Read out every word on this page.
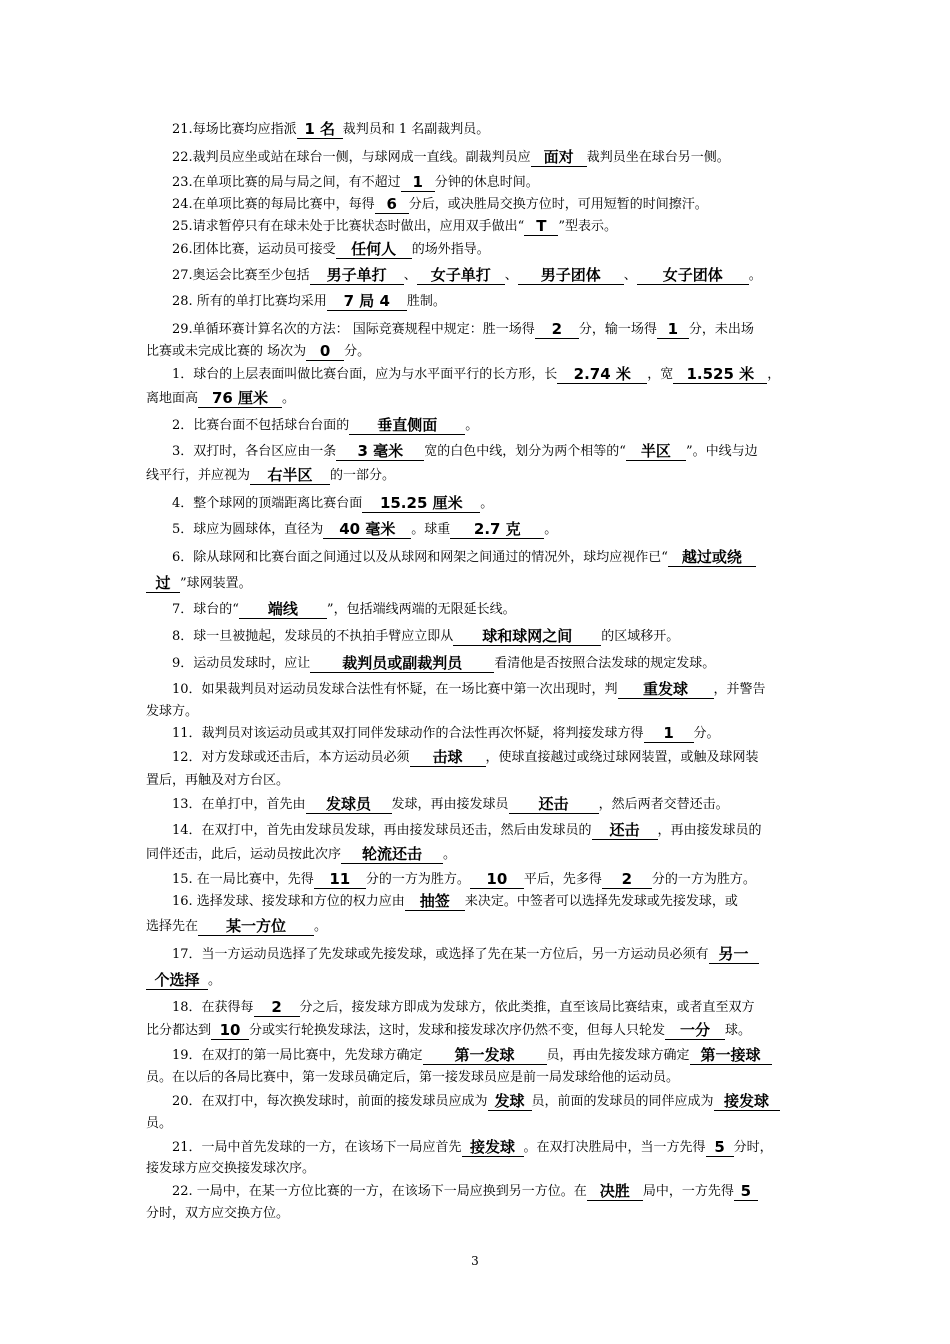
21.每场比赛均应指派 1 名 裁判员和 1 名副裁判员。
22.裁判员应坐或站在球台一侧，与球网成一直线。副裁判员应 面对 裁判员坐在球台另一侧。
23.在单项比赛的局与局之间，有不超过 1 分钟的休息时间。
24.在单项比赛的每局比赛中，每得 6 分后，或决胜局交换方位时，可用短暂的时间擦汗。
25.请求暂停只有在球未处于比赛状态时做出，应用双手做出“ T ”型表示。
26.团体比赛，运动员可接受 任何人 的场外指导。
27.奥运会比赛至少包括 男子单打 、 女子单打 、 男子团体 、 女子团体 。
28. 所有的单打比赛均采用 7 局 4 胜制。
29.单循环赛计算名次的方法： 国际竞赛规程中规定：胜一场得 2 分，输一场得 1 分，未出场
比赛或未完成比赛的 场次为 0 分。
1．球台的上层表面叫做比赛台面，应为与水平面平行的长方形，长 2.74 米 ，宽 1.525 米 ，
离地面高 76 厘米 。
2．比赛台面不包括球台台面的 垂直侧面 。
3．双打时，各台区应由一条 3 毫米 宽的白色中线，划分为两个相等的“ 半区 ”。中线与边
线平行，并应视为 右半区 的一部分。
4．整个球网的顶端距离比赛台面 15.25 厘米 。
5．球应为圆球体，直径为 40 毫米 。球重 2.7 克 。
6．除从球网和比赛台面之间通过以及从球网和网架之间通过的情况外，球均应视作已“ 越过或绕
过 ”球网装置。
7．球台的“ 端线 ”，包括端线两端的无限延长线。
8．球一旦被抛起，发球员的不执拍手臂应立即从 球和球网之间 的区域移开。
9．运动员发球时，应让 裁判员或副裁判员 看清他是否按照合法发球的规定发球。
10．如果裁判员对运动员发球合法性有怀疑，在一场比赛中第一次出现时，判 重发球 ，并警告
发球方。
11．裁判员对该运动员或其双打同伴发球动作的合法性再次怀疑，将判接发球方得 1 分。
12．对方发球或还击后，本方运动员必须 击球 ，使球直接越过或绕过球网装置，或触及球网装
置后，再触及对方台区。
13．在单打中，首先由 发球员 发球，再由接发球员 还击 ，然后两者交替还击。
14．在双打中，首先由发球员发球，再由接发球员还击，然后由发球员的 还击 ，再由接发球员的
同伴还击，此后，运动员按此次序 轮流还击 。
15. 在一局比赛中，先得 11 分的一方为胜方。 10 平后，先多得 2 分的一方为胜方。
16. 选择发球、接发球和方位的权力应由 抽签 来决定。中签者可以选择先发球或先接发球，或
选择先在 某一方位 。
17．当一方运动员选择了先发球或先接发球，或选择了先在某一方位后，另一方运动员必须有 另一
个选择 。
18．在获得每 2 分之后，接发球方即成为发球方，依此类推，直至该局比赛结束，或者直至双方
比分都达到 10 分或实行轮换发球法，这时，发球和接发球次序仍然不变，但每人只轮发 一分 球。
19．在双打的第一局比赛中，先发球方确定 第一发球 员，再由先接发球方确定 第一接球
员。在以后的各局比赛中，第一发球员确定后，第一接发球员应是前一局发球给他的运动员。
20．在双打中，每次换发球时，前面的接发球员应成为 发球 员，前面的发球员的同伴应成为 接发球
员。
21．一局中首先发球的一方，在该场下一局应首先 接发球 。在双打决胜局中，当一方先得 5 分时，
接发球方应交换接发球次序。
22. 一局中，在某一方位比赛的一方，在该场下一局应换到另一方位。在 决胜 局中，一方先得 5
分时，双方应交换方位。
3
